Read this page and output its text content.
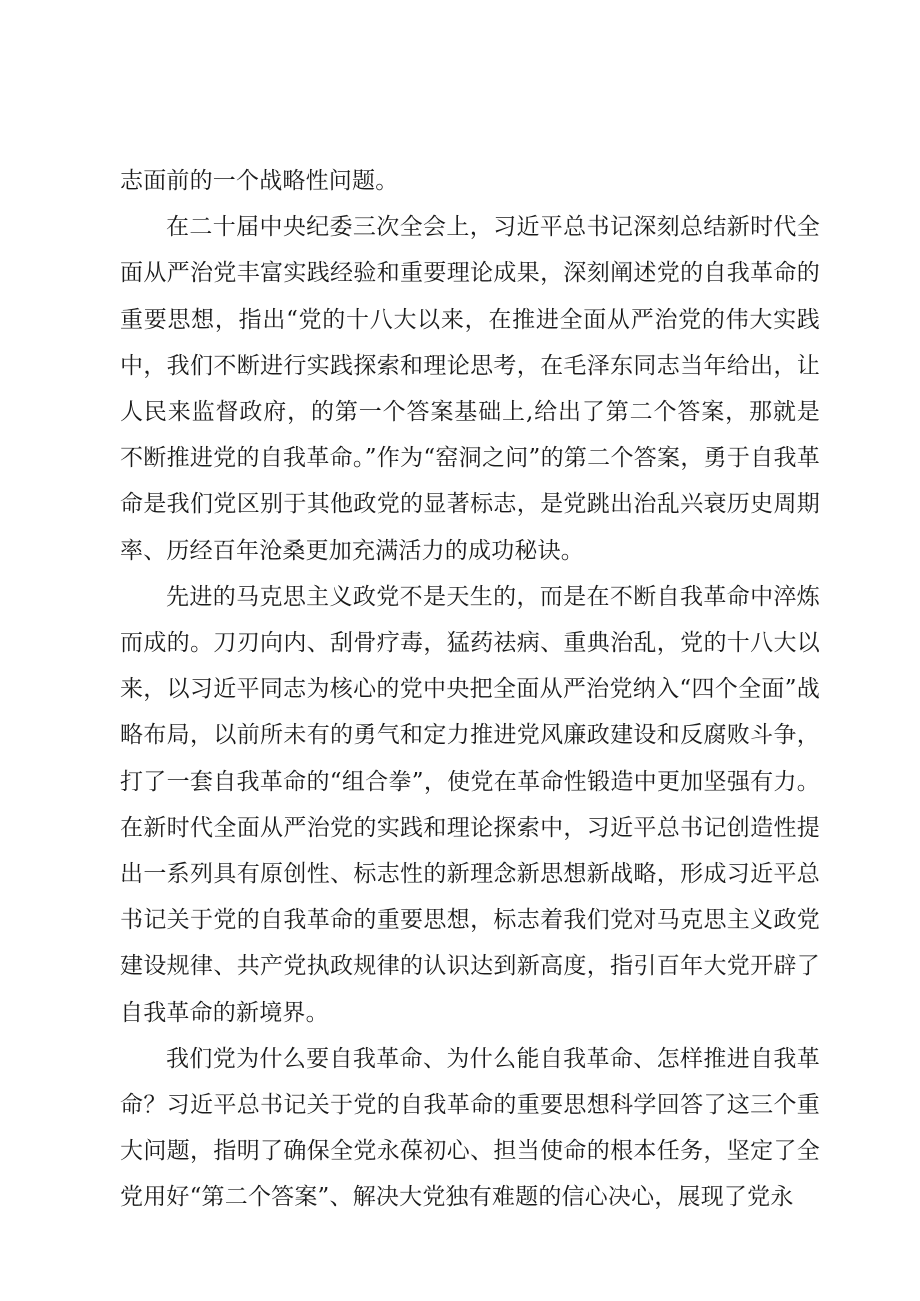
志面前的一个战略性问题。

在二十届中央纪委三次全会上，习近平总书记深刻总结新时代全面从严治党丰富实践经验和重要理论成果，深刻阐述党的自我革命的重要思想，指出“党的十八大以来，在推进全面从严治党的伟大实践中，我们不断进行实践探索和理论思考，在毛泽东同志当年给出，让人民来监督政府，的第一个答案基础上,给出了第二个答案，那就是不断推进党的自我革命。”作为“窑洞之问”的第二个答案，勇于自我革命是我们党区别于其他政党的显著标志，是党跳出治乱兴衰历史周期率、历经百年沧桑更加充满活力的成功秘诀。

先进的马克思主义政党不是天生的，而是在不断自我革命中淬炼而成的。刀刃向内、刮骨疗毒，猛药祛病、重典治乱，党的十八大以来，以习近平同志为核心的党中央把全面从严治党纳入“四个全面”战略布局，以前所未有的勇气和定力推进党风廉政建设和反腐败斗争，打了一套自我革命的“组合拳”，使党在革命性锻造中更加坚强有力。在新时代全面从严治党的实践和理论探索中，习近平总书记创造性提出一系列具有原创性、标志性的新理念新思想新战略，形成习近平总书记关于党的自我革命的重要思想，标志着我们党对马克思主义政党建设规律、共产党执政规律的认识达到新高度，指引百年大党开辟了自我革命的新境界。

我们党为什么要自我革命、为什么能自我革命、怎样推进自我革命？习近平总书记关于党的自我革命的重要思想科学回答了这三个重大问题，指明了确保全党永葆初心、担当使命的根本任务，坚定了全党用好“第二个答案”、解决大党独有难题的信心决心，展现了党永
